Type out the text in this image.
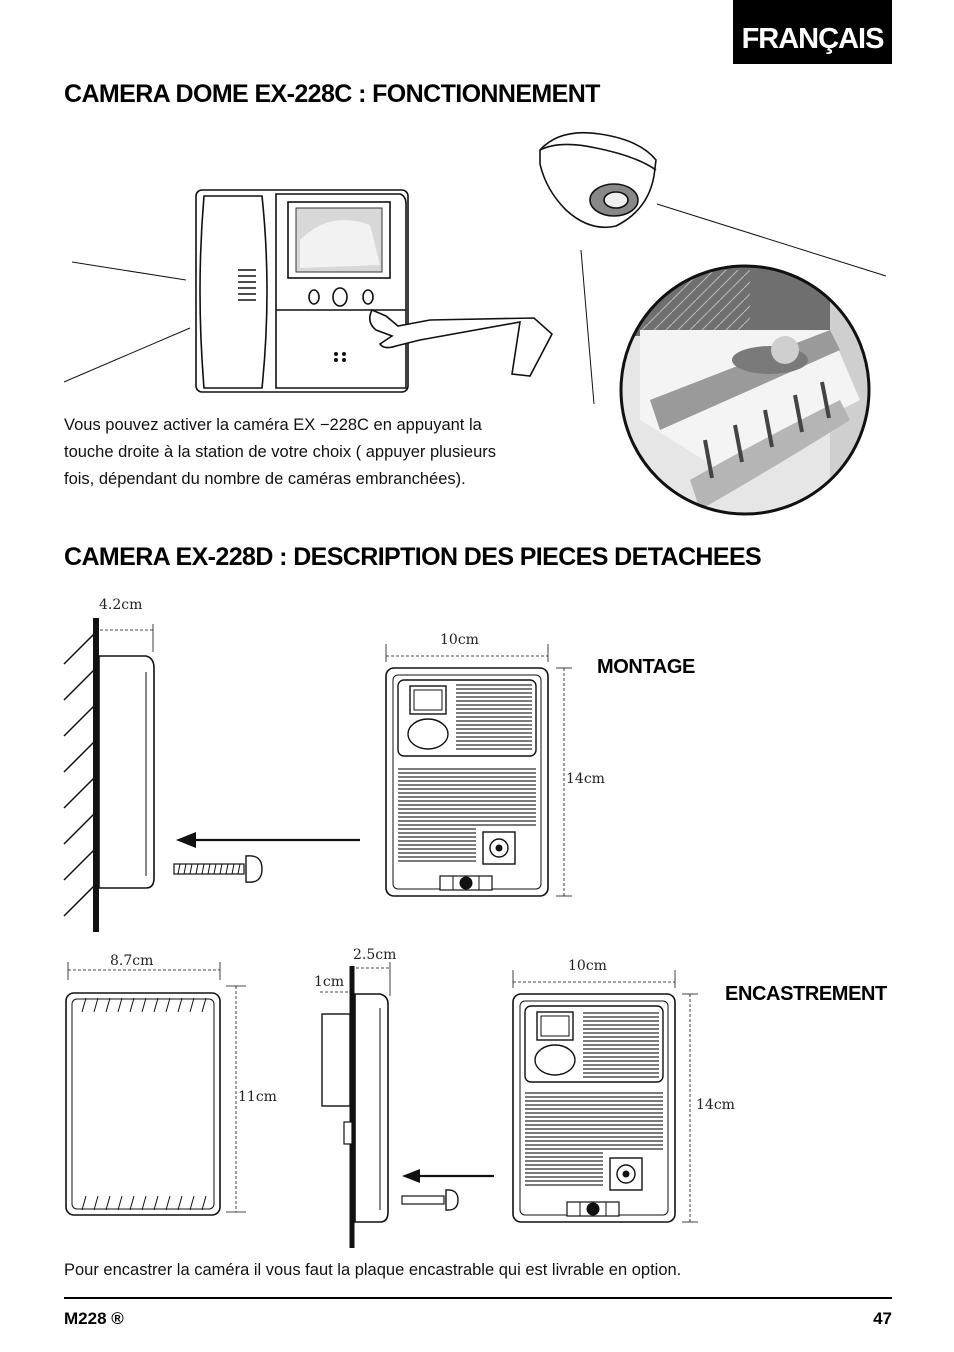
FRANÇAIS
CAMERA DOME EX-228C : FONCTIONNEMENT
Vous pouvez activer la caméra EX −228C en appuyant la
touche droite à la station de votre choix ( appuyer plusieurs
fois, dépendant du nombre de caméras embranchées).
CAMERA EX-228D : DESCRIPTION DES PIECES DETACHEES
4.2cm
10cm
14cm
8.7cm
11cm
2.5cm
1cm
10cm
14cm
MONTAGE
ENCASTREMENT
Pour encastrer la caméra il vous faut la plaque encastrable qui est livrable en option.
M228 ®	47
